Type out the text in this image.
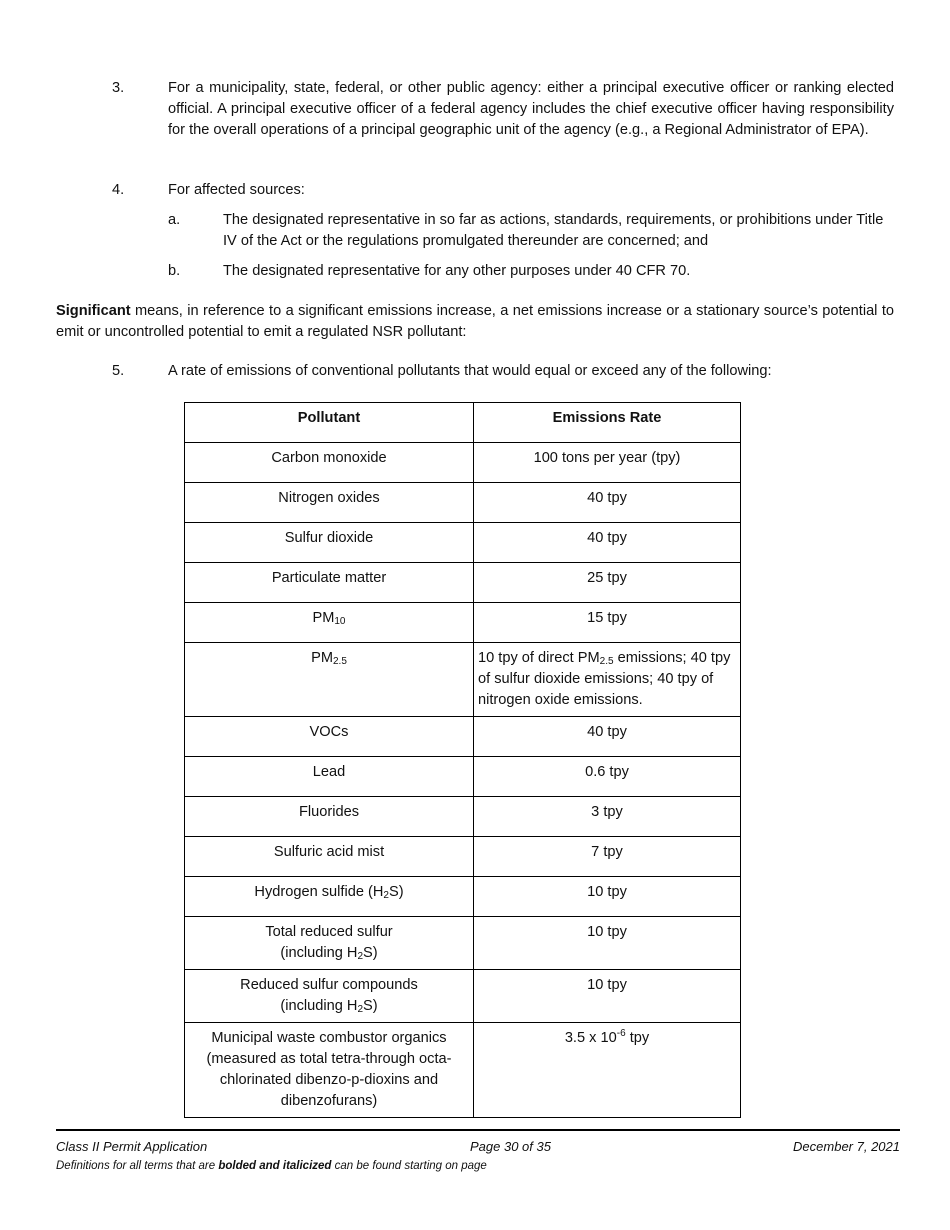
3.	For a municipality, state, federal, or other public agency: either a principal executive officer or ranking elected official. A principal executive officer of a federal agency includes the chief executive officer having responsibility for the overall operations of a principal geographic unit of the agency (e.g., a Regional Administrator of EPA).
4.	For affected sources:
a.	The designated representative in so far as actions, standards, requirements, or prohibitions under Title IV of the Act or the regulations promulgated thereunder are concerned; and
b.	The designated representative for any other purposes under 40 CFR 70.
Significant means, in reference to a significant emissions increase, a net emissions increase or a stationary source’s potential to emit or uncontrolled potential to emit a regulated NSR pollutant:
5.	A rate of emissions of conventional pollutants that would equal or exceed any of the following:
Pollutant	Emissions Rate
Carbon monoxide	100 tons per year (tpy)
Nitrogen oxides	40 tpy
Sulfur dioxide	40 tpy
Particulate matter	25 tpy
$PM_{10}$	15 tpy
$PM_{2.5}$	10 tpy of direct $PM_{2.5}$ emissions; 40 tpy of sulfur dioxide emissions; 40 tpy of nitrogen oxide emissions.
VOCs	40 tpy
Lead	0.6 tpy
Fluorides	3 tpy
Sulfuric acid mist	7 tpy
Hydrogen sulfide $(H_2S)$	10 tpy
Total reduced sulfur
(including $H_2S$)	10 tpy
Reduced sulfur compounds
(including $H_2S$)	10 tpy
Municipal waste combustor organics (measured as total tetra-through octa-chlorinated dibenzo-p-dioxins and dibenzofurans)	3.5 x $10^{-6}$ tpy
Class II Permit Application	Page 30 of 35	December 7, 2021
Definitions for all terms that are bolded and italicized can be found starting on page
